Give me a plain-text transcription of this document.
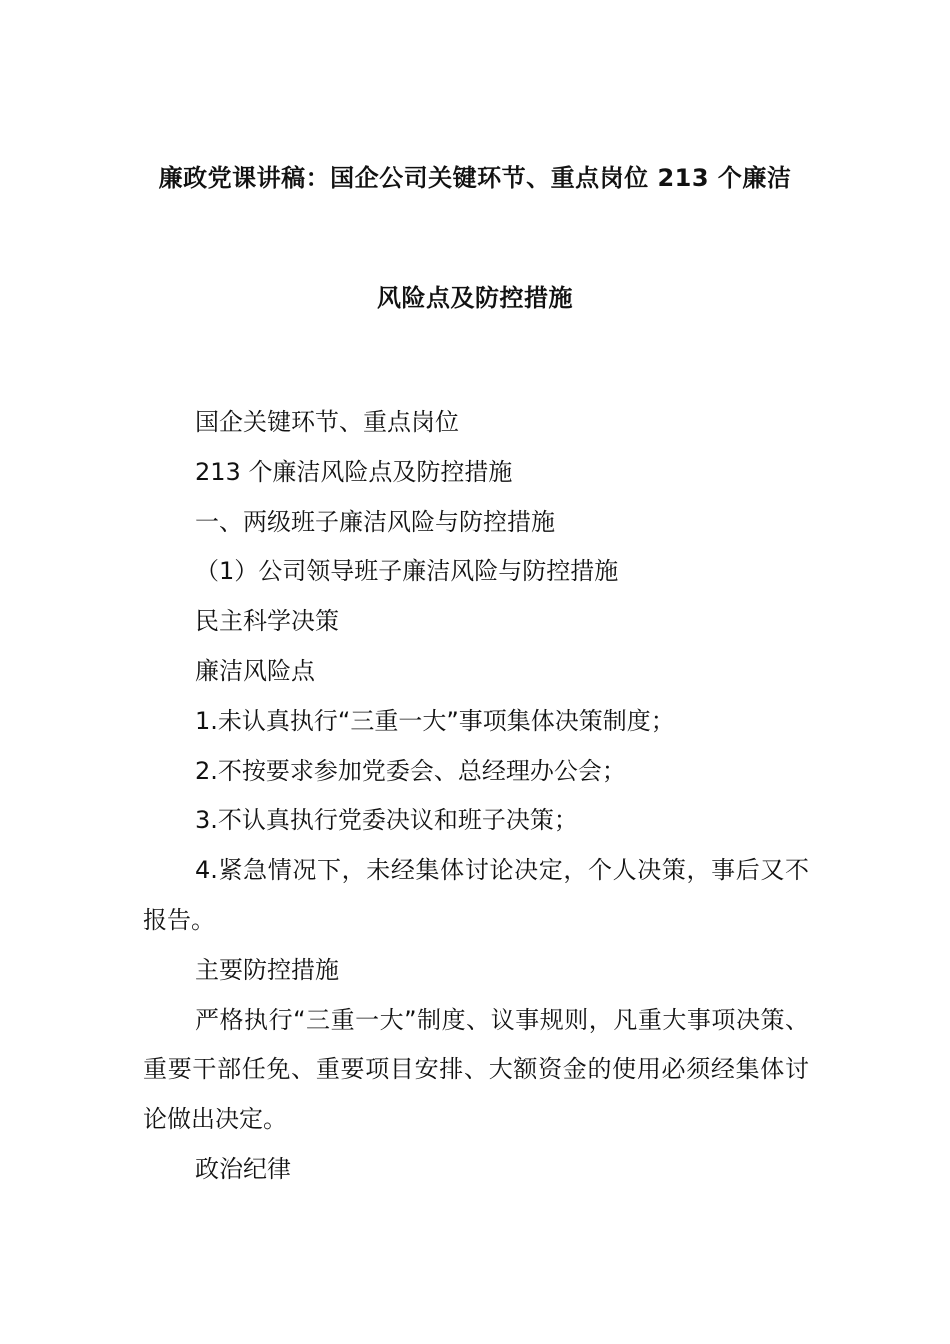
廉政党课讲稿：国企公司关键环节、重点岗位 213 个廉洁
风险点及防控措施

国企关键环节、重点岗位

213 个廉洁风险点及防控措施

一、两级班子廉洁风险与防控措施

（1）公司领导班子廉洁风险与防控措施

民主科学决策

廉洁风险点

1.未认真执行“三重一大”事项集体决策制度；

2.不按要求参加党委会、总经理办公会；

3.不认真执行党委决议和班子决策；

4.紧急情况下，未经集体讨论决定，个人决策，事后又不报告。

主要防控措施

严格执行“三重一大”制度、议事规则，凡重大事项决策、重要干部任免、重要项目安排、大额资金的使用必须经集体讨论做出决定。

政治纪律
